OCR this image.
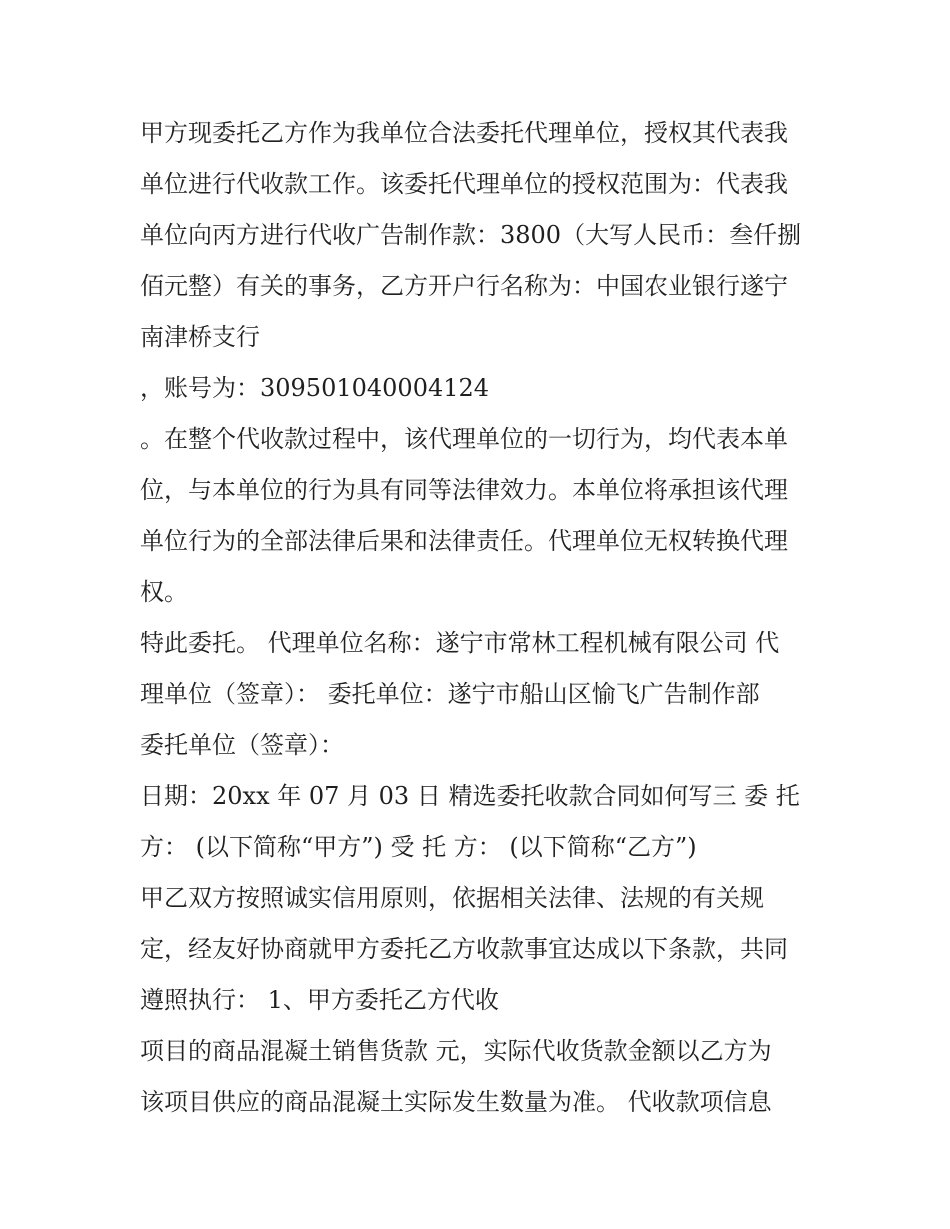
甲方现委托乙方作为我单位合法委托代理单位，授权其代表我
单位进行代收款工作。该委托代理单位的授权范围为：代表我
单位向丙方进行代收广告制作款：3800（大写人民币：叁仟捌
佰元整）有关的事务，乙方开户行名称为：中国农业银行遂宁
南津桥支行
，账号为：309501040004124
。在整个代收款过程中，该代理单位的一切行为，均代表本单
位，与本单位的行为具有同等法律效力。本单位将承担该代理
单位行为的全部法律后果和法律责任。代理单位无权转换代理
权。
特此委托。 代理单位名称：遂宁市常林工程机械有限公司 代
理单位（签章）： 委托单位：遂宁市船山区愉飞广告制作部
委托单位（签章）：
日期：20xx 年 07 月 03 日 精选委托收款合同如何写三 委 托
方： (以下简称“甲方”) 受 托 方： (以下简称“乙方”)
甲乙双方按照诚实信用原则，依据相关法律、法规的有关规
定，经友好协商就甲方委托乙方收款事宜达成以下条款，共同
遵照执行： 1、甲方委托乙方代收
项目的商品混凝土销售货款 元，实际代收货款金额以乙方为
该项目供应的商品混凝土实际发生数量为准。 代收款项信息
